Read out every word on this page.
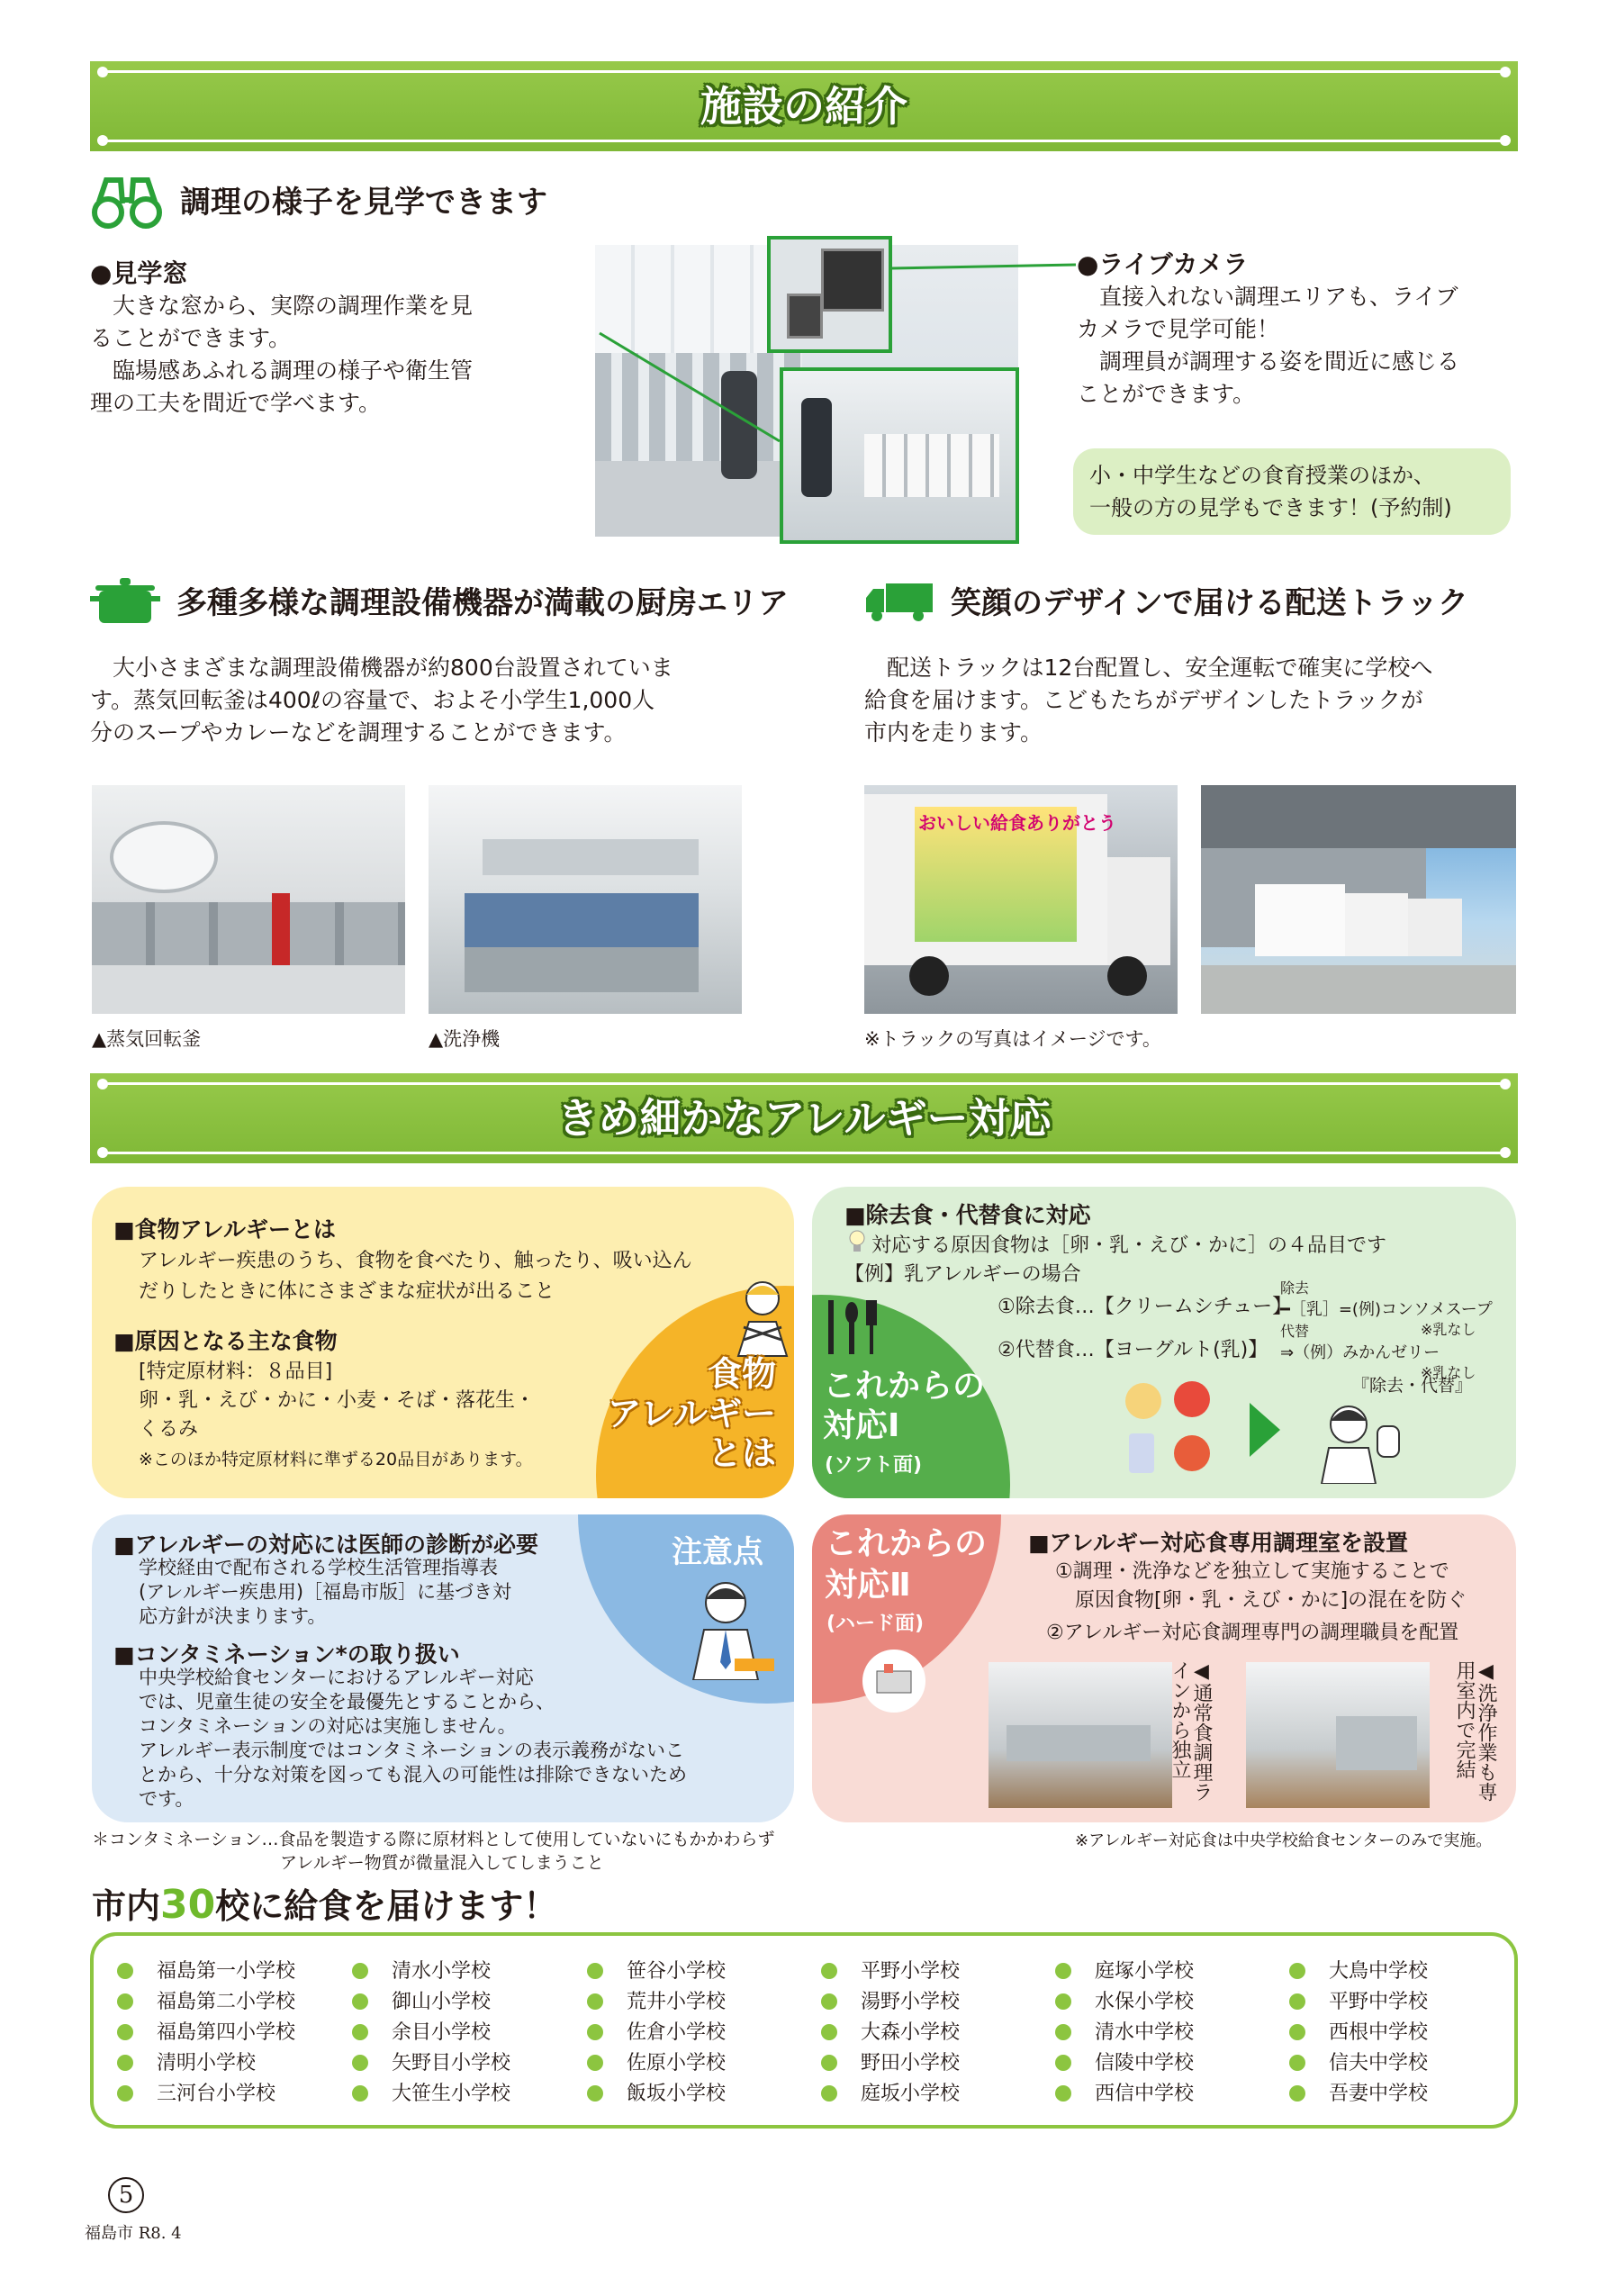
施設の紹介
調理の様子を見学できます
●見学窓
　大きな窓から、実際の調理作業を見
ることができます。
　臨場感あふれる調理の様子や衛生管
理の工夫を間近で学べます。
●ライブカメラ
　直接入れない調理エリアも、ライブ
カメラで見学可能！
　調理員が調理する姿を間近に感じる
ことができます。
小・中学生などの食育授業のほか、
一般の方の見学もできます！(予約制)
多種多様な調理設備機器が満載の厨房エリア
　大小さまざまな調理設備機器が約800台設置されていま
す。蒸気回転釜は400ℓの容量で、およそ小学生1,000人
分のスープやカレーなどを調理することができます。
▲蒸気回転釜	▲洗浄機
笑顔のデザインで届ける配送トラック
　配送トラックは12台配置し、安全運転で確実に学校へ
給食を届けます。こどもたちがデザインしたトラックが
市内を走ります。
おいしい給食ありがとう
※トラックの写真はイメージです。
きめ細かなアレルギー対応
■食物アレルギーとは
アレルギー疾患のうち、食物を食べたり、触ったり、吸い込ん
だりしたときに体にさまざまな症状が出ること
■原因となる主な食物
[特定原材料：８品目]
卵・乳・えび・かに・小麦・そば・落花生・
くるみ
※このほか特定原材料に準ずる20品目があります。
食物
アレルギー
とは
■除去食・代替食に対応
対応する原因食物は［卵・乳・えび・かに］の４品目です
【例】乳アレルギーの場合
①除去食…【クリームシチュー】
除去
━［乳］=(例)コンソメスープ
※乳なし
②代替食…【ヨーグルト(乳)】
代替
⇒（例）みかんゼリー
※乳なし
これからの
対応Ⅰ
(ソフト面)
『除去・代替』
注意点
■アレルギーの対応には医師の診断が必要
学校経由で配布される学校生活管理指導表
(アレルギー疾患用)［福島市版］に基づき対
応方針が決まります。
■コンタミネーション*の取り扱い
中央学校給食センターにおけるアレルギー対応
では、児童生徒の安全を最優先とすることから、
コンタミネーションの対応は実施しません。
アレルギー表示制度ではコンタミネーションの表示義務がないこ
とから、十分な対策を図っても混入の可能性は排除できないため
です。
これからの
対応Ⅱ
(ハード面)
■アレルギー対応食専用調理室を設置
①調理・洗浄などを独立して実施することで
　原因食物[卵・乳・えび・かに]の混在を防ぐ
②アレルギー対応食調理専門の調理職員を配置
◀通常食調理ラインから独立	◀洗浄作業も専用室内で完結
＊コンタミネーション…食品を製造する際に原材料として使用していないにもかかわらず
　　　　　　　　　　　アレルギー物質が微量混入してしまうこと
※アレルギー対応食は中央学校給食センターのみで実施。
市内30校に給食を届けます！
福島第一小学校
福島第二小学校
福島第四小学校
清明小学校
三河台小学校
清水小学校
御山小学校
余目小学校
矢野目小学校
大笹生小学校
笹谷小学校
荒井小学校
佐倉小学校
佐原小学校
飯坂小学校
平野小学校
湯野小学校
大森小学校
野田小学校
庭坂小学校
庭塚小学校
水保小学校
清水中学校
信陵中学校
西信中学校
大鳥中学校
平野中学校
西根中学校
信夫中学校
吾妻中学校
5
福島市 R8. 4
